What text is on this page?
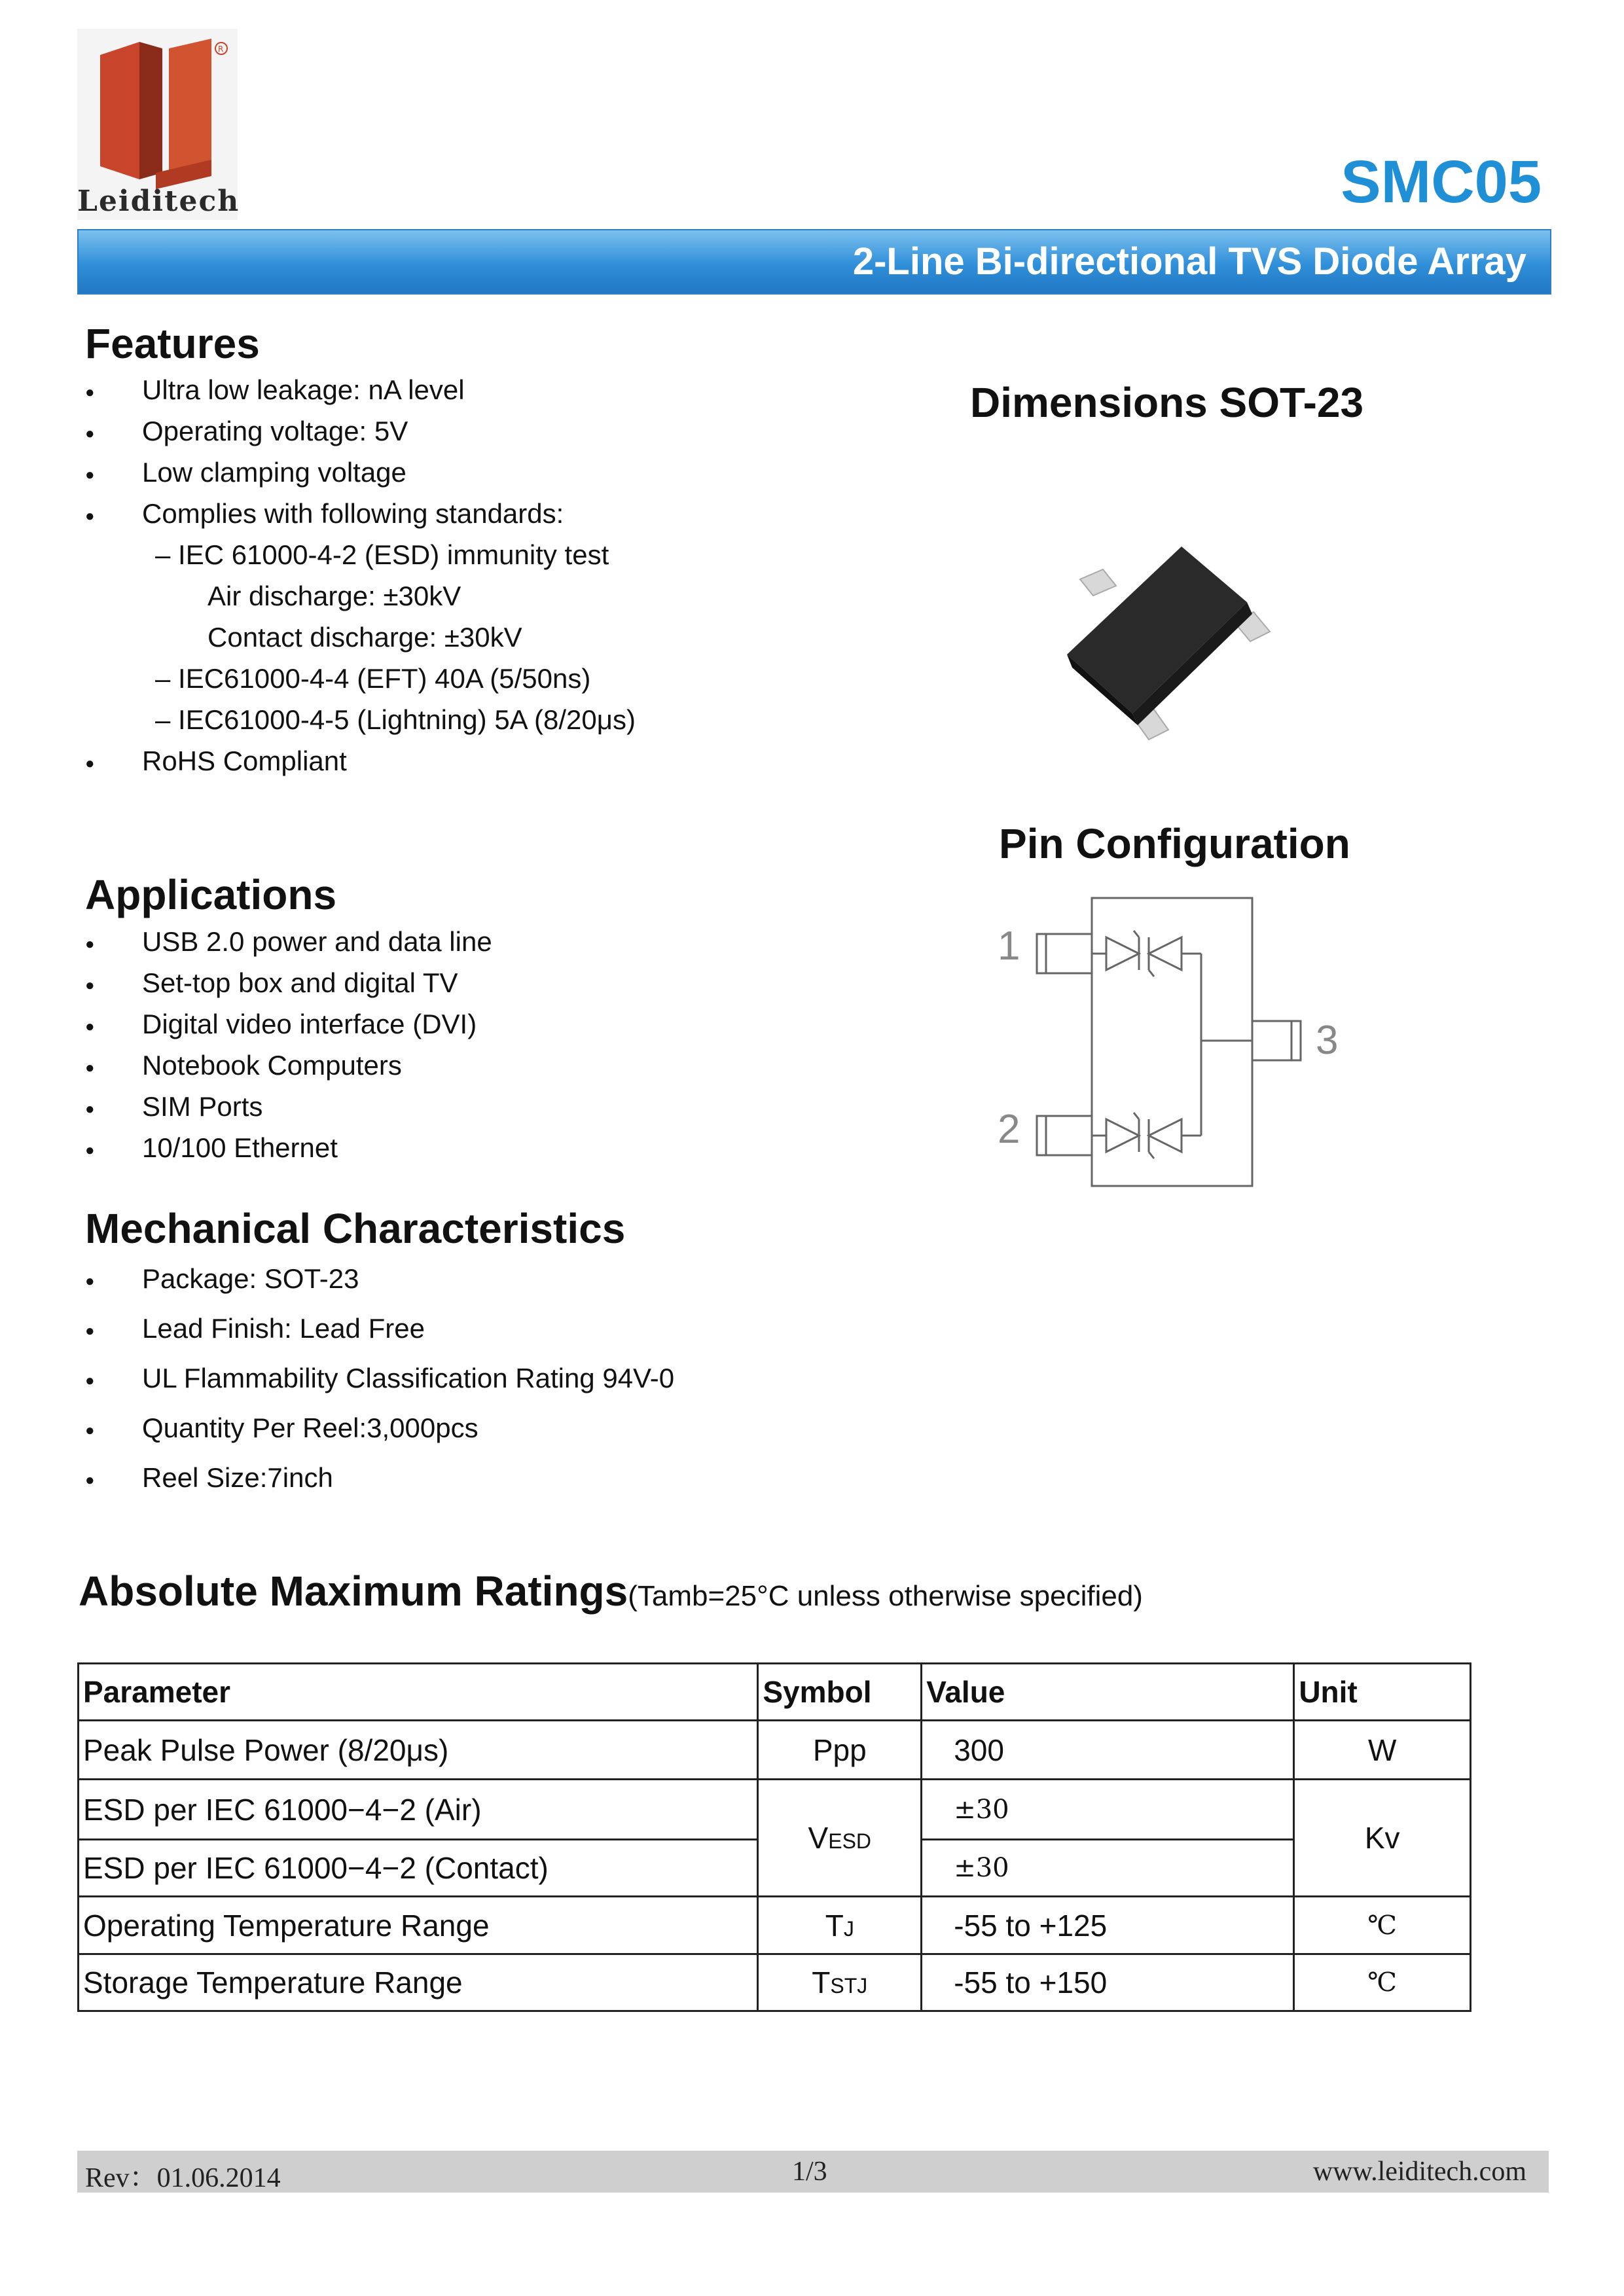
R
Leiditech	SMC05
2-Line Bi-directional TVS Diode Array
Features
● Ultra low leakage: nA level
● Operating voltage: 5V
● Low clamping voltage
● Complies with following standards:
– IEC 61000-4-2 (ESD) immunity test
Air discharge: ±30kV
Contact discharge: ±30kV
– IEC61000-4-4 (EFT) 40A (5/50ns)
– IEC61000-4-5 (Lightning) 5A (8/20μs)
● RoHS Compliant
Applications
● USB 2.0 power and data line
● Set-top box and digital TV
● Digital video interface (DVI)
● Notebook Computers
● SIM Ports
● 10/100 Ethernet
Mechanical Characteristics
● Package: SOT-23
● Lead Finish: Lead Free
● UL Flammability Classification Rating 94V-0
● Quantity Per Reel:3,000pcs
● Reel Size:7inch
Dimensions SOT-23
Pin Configuration
1
2
3
Absolute Maximum Ratings(Tamb=25°C unless otherwise specified)
Parameter	Symbol	Value	Unit
Peak Pulse Power (8/20μs)	Ppp	300	W
ESD per IEC 61000−4−2 (Air)	VESD	±30	Kv
ESD per IEC 61000−4−2 (Contact)		±30	
Operating Temperature Range	TJ	-55 to +125	℃
Storage Temperature Range	TSTJ	-55 to +150	℃
Rev：01.06.2014	1/3	www.leiditech.com
